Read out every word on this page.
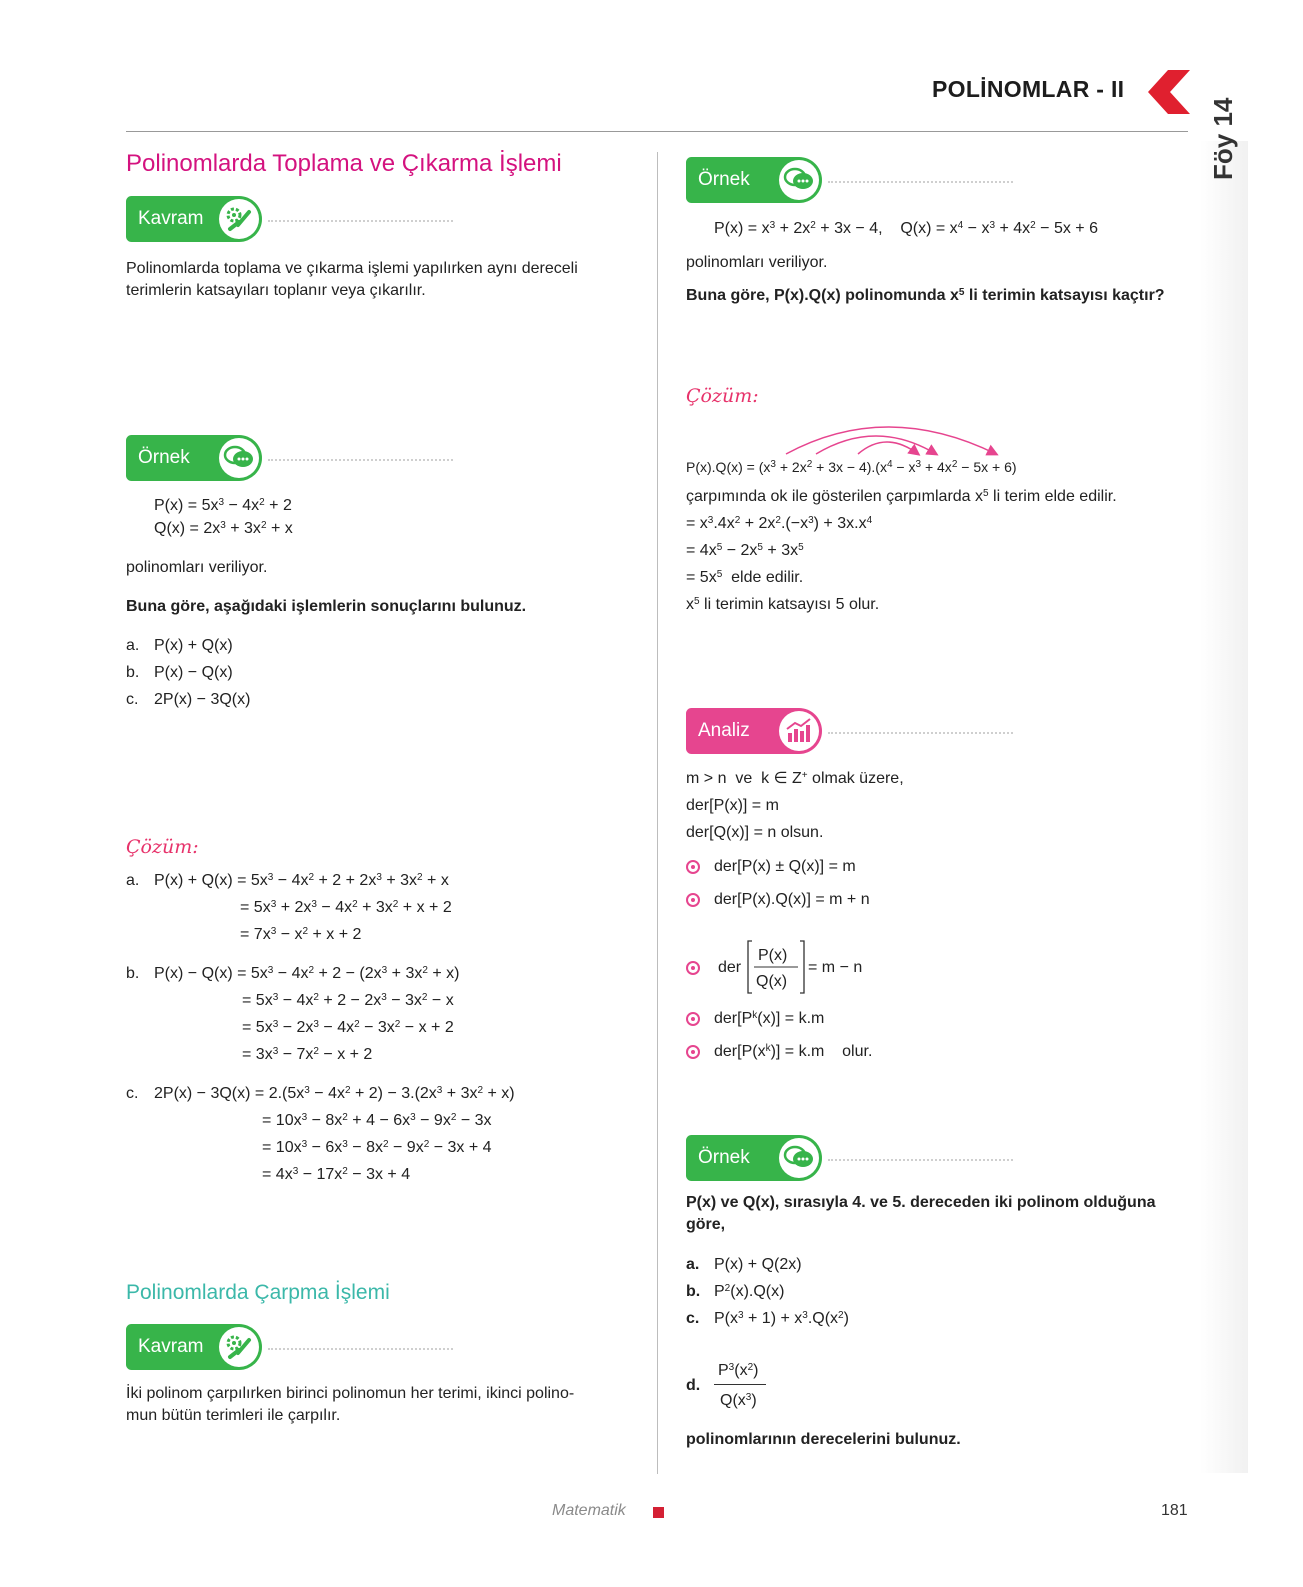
POLİNOMLAR - II
Föy 14
Polinomlarda Toplama ve Çıkarma İşlemi
Kavram
Polinomlarda toplama ve çıkarma işlemi yapılırken aynı dereceli
terimlerin katsayıları toplanır veya çıkarılır.
Örnek
$P(x) = 5x^3 - 4x^2 + 2$
$Q(x) = 2x^3 + 3x^2 + x$
polinomları veriliyor.
Buna göre, aşağıdaki işlemlerin sonuçlarını bulunuz.
a. P(x) + Q(x)
b. P(x) − Q(x)
c. 2P(x) − 3Q(x)
Çözüm:
a. $P(x) + Q(x) = 5x^3 - 4x^2 + 2 + 2x^3 + 3x^2 + x$
= $5x^3 + 2x^3 - 4x^2 + 3x^2 + x + 2$
= $7x^3 - x^2 + x + 2$
b. $P(x) - Q(x) = 5x^3 - 4x^2 + 2 - (2x^3 + 3x^2 + x)$
= $5x^3 - 4x^2 + 2 - 2x^3 - 3x^2 - x$
= $5x^3 - 2x^3 - 4x^2 - 3x^2 - x + 2$
= $3x^3 - 7x^2 - x + 2$
c. $2P(x) - 3Q(x) = 2.(5x^3 - 4x^2 + 2) - 3.(2x^3 + 3x^2 + x)$
= $10x^3 - 8x^2 + 4 - 6x^3 - 9x^2 - 3x$
= $10x^3 - 6x^3 - 8x^2 - 9x^2 - 3x + 4$
= $4x^3 - 17x^2 - 3x + 4$
Polinomlarda Çarpma İşlemi
Kavram
İki polinom çarpılırken birinci polinomun her terimi, ikinci polino-
mun bütün terimleri ile çarpılır.
Örnek
$P(x) = x^3 + 2x^2 + 3x - 4$,    $Q(x) = x^4 - x^3 + 4x^2 - 5x + 6$
polinomları veriliyor.
Buna göre, P(x).Q(x) polinomunda $x^5$ li terimin katsayısı kaçtır?
Çözüm:
$P(x).Q(x) = (x^3 + 2x^2 + 3x - 4).(x^4 - x^3 + 4x^2 - 5x + 6)$
çarpımında ok ile gösterilen çarpımlarda $x^5$ li terim elde edilir.
= $x^3.4x^2 + 2x^2.(-x^3) + 3x.x^4$
= $4x^5 - 2x^5 + 3x^5$
= $5x^5$  elde edilir.
$x^5$ li terimin katsayısı 5 olur.
Analiz
m > n  ve  k ∈ Z+ olmak üzere,
der[P(x)] = m
der[Q(x)] = n olsun.
der[P(x) ± Q(x)] = m
der[P(x).Q(x)] = m + n
der
P(x)
Q(x)
= m − n
$der[P^k(x)] = k.m$
$der[P(x^k)] = k.m$    olur.
Örnek
P(x) ve Q(x), sırasıyla 4. ve 5. dereceden iki polinom olduğuna
göre,
a. P(x) + Q(2x)
b. $P^2(x).Q(x)$
c. $P(x^3 + 1) + x^3.Q(x^2)$
d.
$P^3(x^2)$
$Q(x^3)$
polinomlarının derecelerini bulunuz.
Matematik	181
